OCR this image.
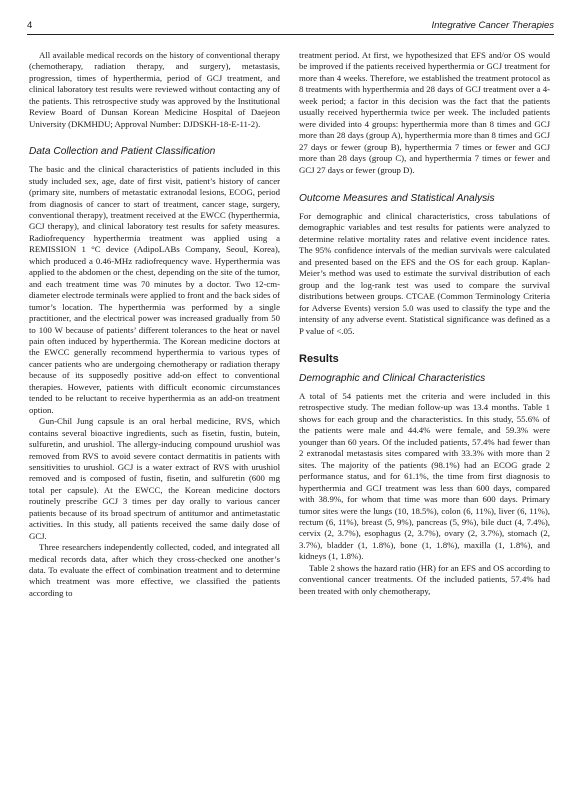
4	Integrative Cancer Therapies

All available medical records on the history of conventional therapy (chemotherapy, radiation therapy, and surgery), metastasis, progression, times of hyperthermia, period of GCJ treatment, and clinical laboratory test results were reviewed without contacting any of the patients. This retrospective study was approved by the Institutional Review Board of Dunsan Korean Medicine Hospital of Daejeon University (DKMHDU; Approval Number: DJDSKH-18-E-11-2).

Data Collection and Patient Classification

The basic and the clinical characteristics of patients included in this study included sex, age, date of first visit, patient’s history of cancer (primary site, numbers of metastatic extranodal lesions, ECOG, period from diagnosis of cancer to start of treatment, cancer stage, surgery, conventional therapy), treatment received at the EWCC (hyperthermia, GCJ therapy), and clinical laboratory test results for safety measures. Radiofrequency hyperthermia treatment was applied using a REMISSION 1 °C device (AdipoLABs Company, Seoul, Korea), which produced a 0.46-MHz radiofrequency wave. Hyperthermia was applied to the abdomen or the chest, depending on the site of the tumor, and each treatment time was 70 minutes by a doctor. Two 12-cm-diameter electrode terminals were applied to front and the back sides of tumor’s location. The hyperthermia was performed by a single practitioner, and the electrical power was increased gradually from 50 to 100 W because of patients’ different tolerances to the heat or navel pain often induced by hyperthermia. The Korean medicine doctors at the EWCC generally recommend hyperthermia to various types of cancer patients who are undergoing chemotherapy or radiation therapy because of its supposedly positive add-on effect to conventional therapies. However, patients with difficult economic circumstances tended to be reluctant to receive hyperthermia as an add-on treatment option.

Gun-Chil Jung capsule is an oral herbal medicine, RVS, which contains several bioactive ingredients, such as fisetin, fustin, butein, sulfuretin, and urushiol. The allergy-inducing compound urushiol was removed from RVS to avoid severe contact dermatitis in patients with sensitivities to urushiol. GCJ is a water extract of RVS with urushiol removed and is composed of fustin, fisetin, and sulfuretin (600 mg total per capsule). At the EWCC, the Korean medicine doctors routinely prescribe GCJ 3 times per day orally to various cancer patients because of its broad spectrum of antitumor and antimetastatic activities. In this study, all patients received the same daily dose of GCJ.

Three researchers independently collected, coded, and integrated all medical records data, after which they cross-checked one another’s data. To evaluate the effect of combination treatment and to determine which treatment was more effective, we classified the patients according to

treatment period. At first, we hypothesized that EFS and/or OS would be improved if the patients received hyperthermia or GCJ treatment for more than 4 weeks. Therefore, we established the treatment protocol as 8 treatments with hyperthermia and 28 days of GCJ treatment over a 4-week period; a factor in this decision was the fact that the patients usually received hyperthermia twice per week. The included patients were divided into 4 groups: hyperthermia more than 8 times and GCJ more than 28 days (group A), hyperthermia more than 8 times and GCJ 27 days or fewer (group B), hyperthermia 7 times or fewer and GCJ more than 28 days (group C), and hyperthermia 7 times or fewer and GCJ 27 days or fewer (group D).

Outcome Measures and Statistical Analysis

For demographic and clinical characteristics, cross tabulations of demographic variables and test results for patients were analyzed to determine relative mortality rates and relative event incidence rates. The 95% confidence intervals of the median survivals were calculated and presented based on the EFS and the OS for each group. Kaplan-Meier’s method was used to estimate the survival distribution of each group and the log-rank test was used to compare the survival distributions between groups. CTCAE (Common Terminology Criteria for Adverse Events) version 5.0 was used to classify the type and the intensity of any adverse event. Statistical significance was defined as a P value of <.05.

Results
Demographic and Clinical Characteristics

A total of 54 patients met the criteria and were included in this retrospective study. The median follow-up was 13.4 months. Table 1 shows for each group and the characteristics. In this study, 55.6% of the patients were male and 44.4% were female, and 59.3% were younger than 60 years. Of the included patients, 57.4% had fewer than 2 extranodal metastasis sites compared with 33.3% with more than 2 sites. The majority of the patients (98.1%) had an ECOG grade 2 performance status, and for 61.1%, the time from first diagnosis to hyperthermia and GCJ treatment was less than 600 days, compared with 38.9%, for whom that time was more than 600 days. Primary tumor sites were the lungs (10, 18.5%), colon (6, 11%), liver (6, 11%), rectum (6, 11%), breast (5, 9%), pancreas (5, 9%), bile duct (4, 7.4%), cervix (2, 3.7%), esophagus (2, 3.7%), ovary (2, 3.7%), stomach (2, 3.7%), bladder (1, 1.8%), bone (1, 1.8%), maxilla (1, 1.8%), and kidneys (1, 1.8%).

Table 2 shows the hazard ratio (HR) for an EFS and OS according to conventional cancer treatments. Of the included patients, 57.4% had been treated with only chemotherapy,
